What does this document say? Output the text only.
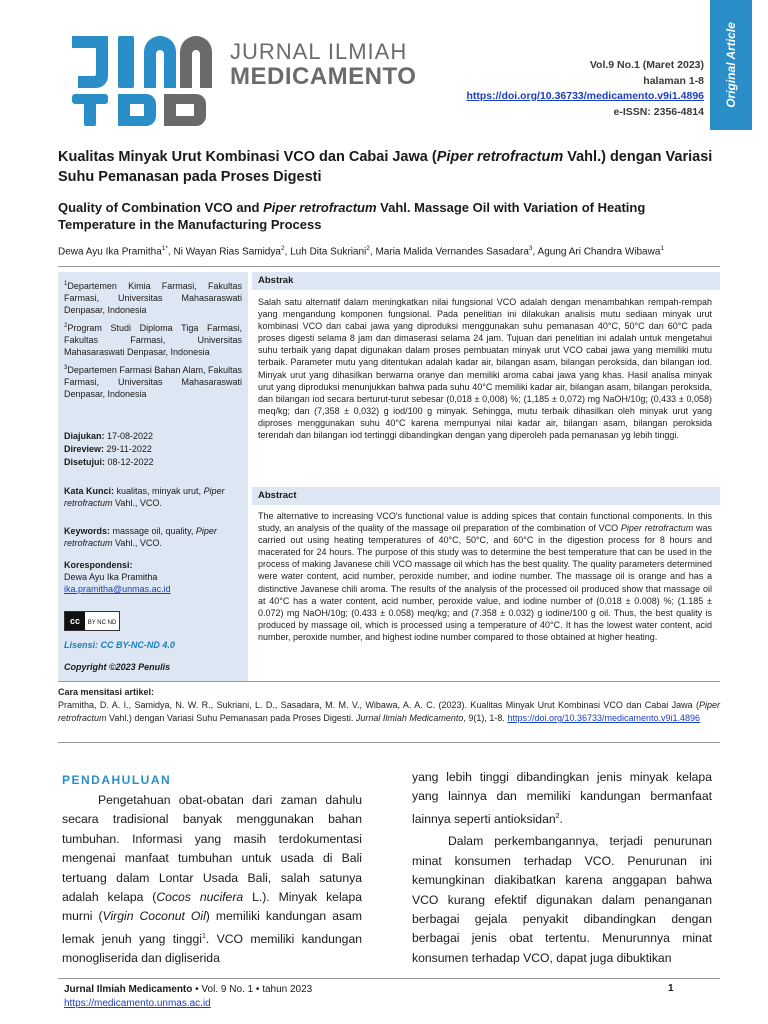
JURNAL ILMIAH
MEDICAMENTO	Vol.9 No.1 (Maret 2023)
halaman 1-8
https://doi.org/10.36733/medicamento.v9i1.4896
e-ISSN: 2356-4814
Original Article
Kualitas Minyak Urut Kombinasi VCO dan Cabai Jawa (Piper retrofractum Vahl.) dengan Variasi Suhu Pemanasan pada Proses Digesti
Quality of Combination VCO and Piper retrofractum Vahl. Massage Oil with Variation of Heating Temperature in the Manufacturing Process
Dewa Ayu Ika Pramitha$^{1*}$, Ni Wayan Rias Samidya$^2$, Luh Dita Sukriani$^2$, Maria Malida Vernandes Sasadara$^3$, Agung Ari Chandra Wibawa$^1$
$^1$Departemen Kimia Farmasi, Fakultas Farmasi, Universitas Mahasaraswati Denpasar, Indonesia
$^2$Program Studi Diploma Tiga Farmasi, Fakultas Farmasi, Universitas Mahasaraswati Denpasar, Indonesia
$^3$Departemen Farmasi Bahan Alam, Fakultas Farmasi, Universitas Mahasaraswati Denpasar, Indonesia
Diajukan: 17-08-2022
Direview: 29-11-2022
Disetujui: 08-12-2022
Kata Kunci: kualitas, minyak urut, Piper retrofractum Vahl., VCO.
Keywords: massage oil, quality, Piper retrofractum Vahl., VCO.
Korespondensi:
Dewa Ayu Ika Pramitha
ika.pramitha@unmas.ac.id
cc	BY NC ND
Lisensi: CC BY-NC-ND 4.0
Copyright ©2023 Penulis
Abstrak
Salah satu alternatif dalam meningkatkan nilai fungsional VCO adalah dengan menambahkan rempah-rempah yang mengandung komponen fungsional. Pada penelitian ini dilakukan analisis mutu sediaan minyak urut kombinasi VCO dan cabai jawa yang diproduksi menggunakan suhu pemanasan 40°C, 50°C dan 60°C pada proses digesti selama 8 jam dan dimaserasi selama 24 jam. Tujuan dari penelitian ini adalah untuk mengetahui suhu terbaik yang dapat digunakan dalam proses pembuatan minyak urut VCO cabai jawa yang memiliki mutu terbaik. Parameter mutu yang ditentukan adalah kadar air, bilangan asam, bilangan peroksida, dan bilangan iod. Minyak urut yang dihasilkan berwarna oranye dan memiliki aroma cabai jawa yang khas. Hasil analisa minyak urut yang diproduksi menunjukkan bahwa pada suhu 40°C memiliki kadar air, bilangan asam, bilangan peroksida, dan bilangan iod secara berturut-turut sebesar (0,018 ± 0,008) %; (1,185 ± 0,072) mg NaOH/10g; (0,433 ± 0,058) meq/kg; dan (7,358 ± 0,032) g iod/100 g minyak. Sehingga, mutu terbaik dihasilkan oleh minyak urut yang diproses menggunakan suhu 40°C karena mempunyai nilai kadar air, bilangan asam, bilangan peroksida terendah dan bilangan iod tertinggi dibandingkan dengan yang diperoleh pada pemanasan yg lebih tinggi.
Abstract
The alternative to increasing VCO's functional value is adding spices that contain functional components. In this study, an analysis of the quality of the massage oil preparation of the combination of VCO Piper retrofractum was carried out using heating temperatures of 40°C, 50°C, and 60°C in the digestion process for 8 hours and macerated for 24 hours. The purpose of this study was to determine the best temperature that can be used in the process of making Javanese chili VCO massage oil which has the best quality. The quality parameters determined were water content, acid number, peroxide number, and iodine number. The massage oil is orange and has a distinctive Javanese chili aroma. The results of the analysis of the processed oil produced show that massage oil at 40°C has a water content, acid number, peroxide value, and iodine number of (0.018 ± 0.008) %; (1.185 ± 0.072) mg NaOH/10g; (0.433 ± 0.058) meq/kg; and (7.358 ± 0.032) g iodine/100 g oil. Thus, the best quality is produced by massage oil, which is processed using a temperature of 40°C. It has the lowest water content, acid number, peroxide number, and highest iodine number compared to those obtained at higher heating.
Cara mensitasi artikel:
Pramitha, D. A. I., Samidya, N. W. R., Sukriani, L. D., Sasadara, M. M. V., Wibawa, A. A. C. (2023). Kualitas Minyak Urut Kombinasi VCO dan Cabai Jawa (Piper retrofractum Vahl.) dengan Variasi Suhu Pemanasan pada Proses Digesti. Jurnal Ilmiah Medicamento, 9(1), 1-8. https://doi.org/10.36733/medicamento.v9i1.4896
PENDAHULUAN

Pengetahuan obat-obatan dari zaman dahulu secara tradisional banyak menggunakan bahan tumbuhan. Informasi yang masih terdokumentasi mengenai manfaat tumbuhan untuk usada di Bali tertuang dalam Lontar Usada Bali, salah satunya adalah kelapa (Cocos nucifera L.). Minyak kelapa murni (Virgin Coconut Oil) memiliki kandungan asam lemak jenuh yang tinggi$^1$. VCO memiliki kandungan monogliserida dan digliserida

yang lebih tinggi dibandingkan jenis minyak kelapa yang lainnya dan memiliki kandungan bermanfaat lainnya seperti antioksidan$^2$.

Dalam perkembangannya, terjadi penurunan minat konsumen terhadap VCO. Penurunan ini kemungkinan diakibatkan karena anggapan bahwa VCO kurang efektif digunakan dalam penanganan berbagai gejala penyakit dibandingkan dengan berbagai jenis obat tertentu. Menurunnya minat konsumen terhadap VCO, dapat juga dibuktikan

Jurnal Ilmiah Medicamento • Vol. 9 No. 1 • tahun 2023
https://medicamento.unmas.ac.id
1
